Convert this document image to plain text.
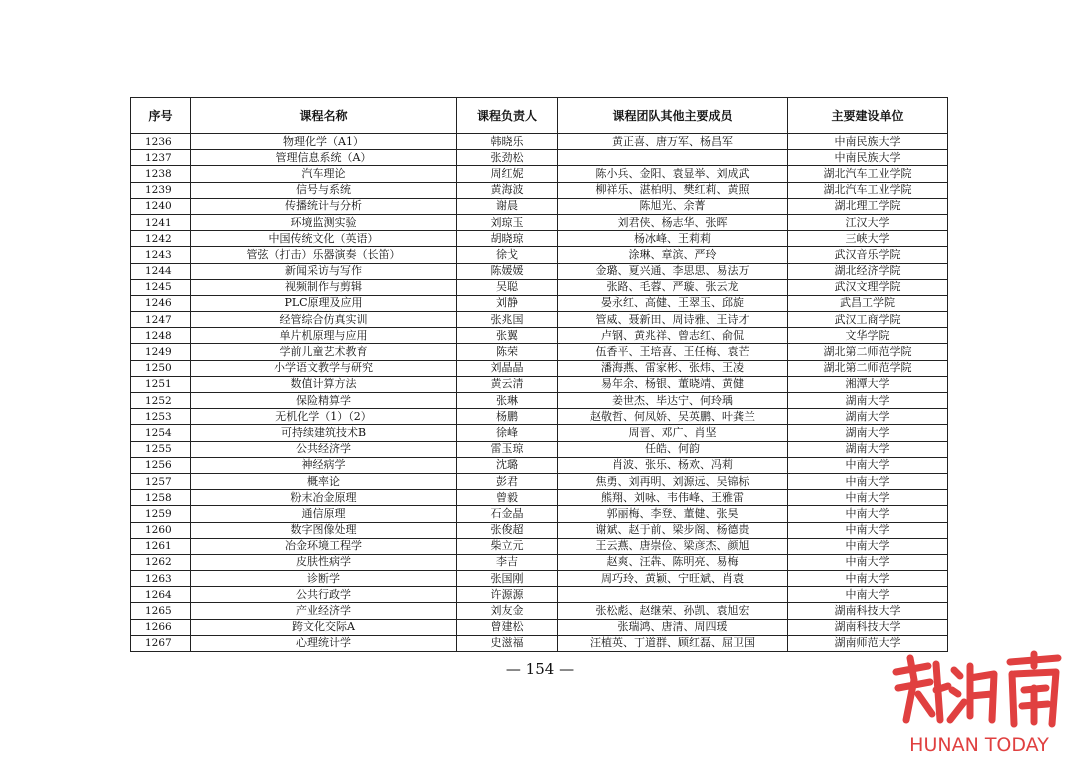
序号	课程名称	课程负责人	课程团队其他主要成员	主要建设单位
1236	物理化学（A1）	韩晓乐	黄正喜、唐万军、杨昌军	中南民族大学
1237	管理信息系统（A）	张劲松		中南民族大学
1238	汽车理论	周红妮	陈小兵、金阳、袁显举、刘成武	湖北汽车工业学院
1239	信号与系统	黄海波	柳祥乐、湛柏明、樊红莉、黄照	湖北汽车工业学院
1240	传播统计与分析	谢晨	陈旭光、余菁	湖北理工学院
1241	环境监测实验	刘琼玉	刘君侠、杨志华、张晖	江汉大学
1242	中国传统文化（英语）	胡晓琼	杨冰峰、王莉莉	三峡大学
1243	管弦（打击）乐器演奏（长笛）	徐戈	涂琳、章滨、严玲	武汉音乐学院
1244	新闻采访与写作	陈媛媛	金璐、夏兴通、李思思、易法万	湖北经济学院
1245	视频制作与剪辑	吴聪	张路、毛蓉、严璇、张云龙	武汉文理学院
1246	PLC原理及应用	刘静	晏永红、高健、王翠玉、邱旋	武昌工学院
1247	经管综合仿真实训	张兆国	管威、聂新田、周诗雅、王诗才	武汉工商学院
1248	单片机原理与应用	张翼	卢钢、黄兆祥、曾志红、俞侃	文华学院
1249	学前儿童艺术教育	陈荣	伍香平、王培喜、王任梅、袁芒	湖北第二师范学院
1250	小学语文教学与研究	刘晶晶	潘海燕、雷家彬、张炜、王凌	湖北第二师范学院
1251	数值计算方法	黄云清	易年余、杨银、董晓靖、黄健	湘潭大学
1252	保险精算学	张琳	姜世杰、毕达宁、何玲瑀	湖南大学
1253	无机化学（1）（2）	杨鹏	赵敬哲、何凤娇、吴英鹏、叶龚兰	湖南大学
1254	可持续建筑技术B	徐峰	周晋、邓广、肖坚	湖南大学
1255	公共经济学	雷玉琼	任皓、何韵	湖南大学
1256	神经病学	沈璐	肖波、张乐、杨欢、冯莉	中南大学
1257	概率论	彭君	焦勇、刘再明、刘源远、吴锦标	中南大学
1258	粉末冶金原理	曾毅	熊翔、刘咏、韦伟峰、王雅雷	中南大学
1259	通信原理	石金晶	郭丽梅、李登、董健、张昊	中南大学
1260	数字图像处理	张俊超	谢斌、赵于前、梁步阁、杨德贵	中南大学
1261	冶金环境工程学	柴立元	王云燕、唐崇俭、梁彦杰、颜旭	中南大学
1262	皮肤性病学	李吉	赵爽、汪犇、陈明亮、易梅	中南大学
1263	诊断学	张国刚	周巧玲、黄颖、宁旺斌、肖袁	中南大学
1264	公共行政学	许源源		中南大学
1265	产业经济学	刘友金	张松彪、赵继荣、孙凯、袁旭宏	湖南科技大学
1266	跨文化交际A	曾建松	张瑞鸿、唐清、周四瑗	湖南科技大学
1267	心理统计学	史滋福	汪植英、丁道群、顾红磊、屈卫国	湖南师范大学
— 154 —
HUNAN TODAY
